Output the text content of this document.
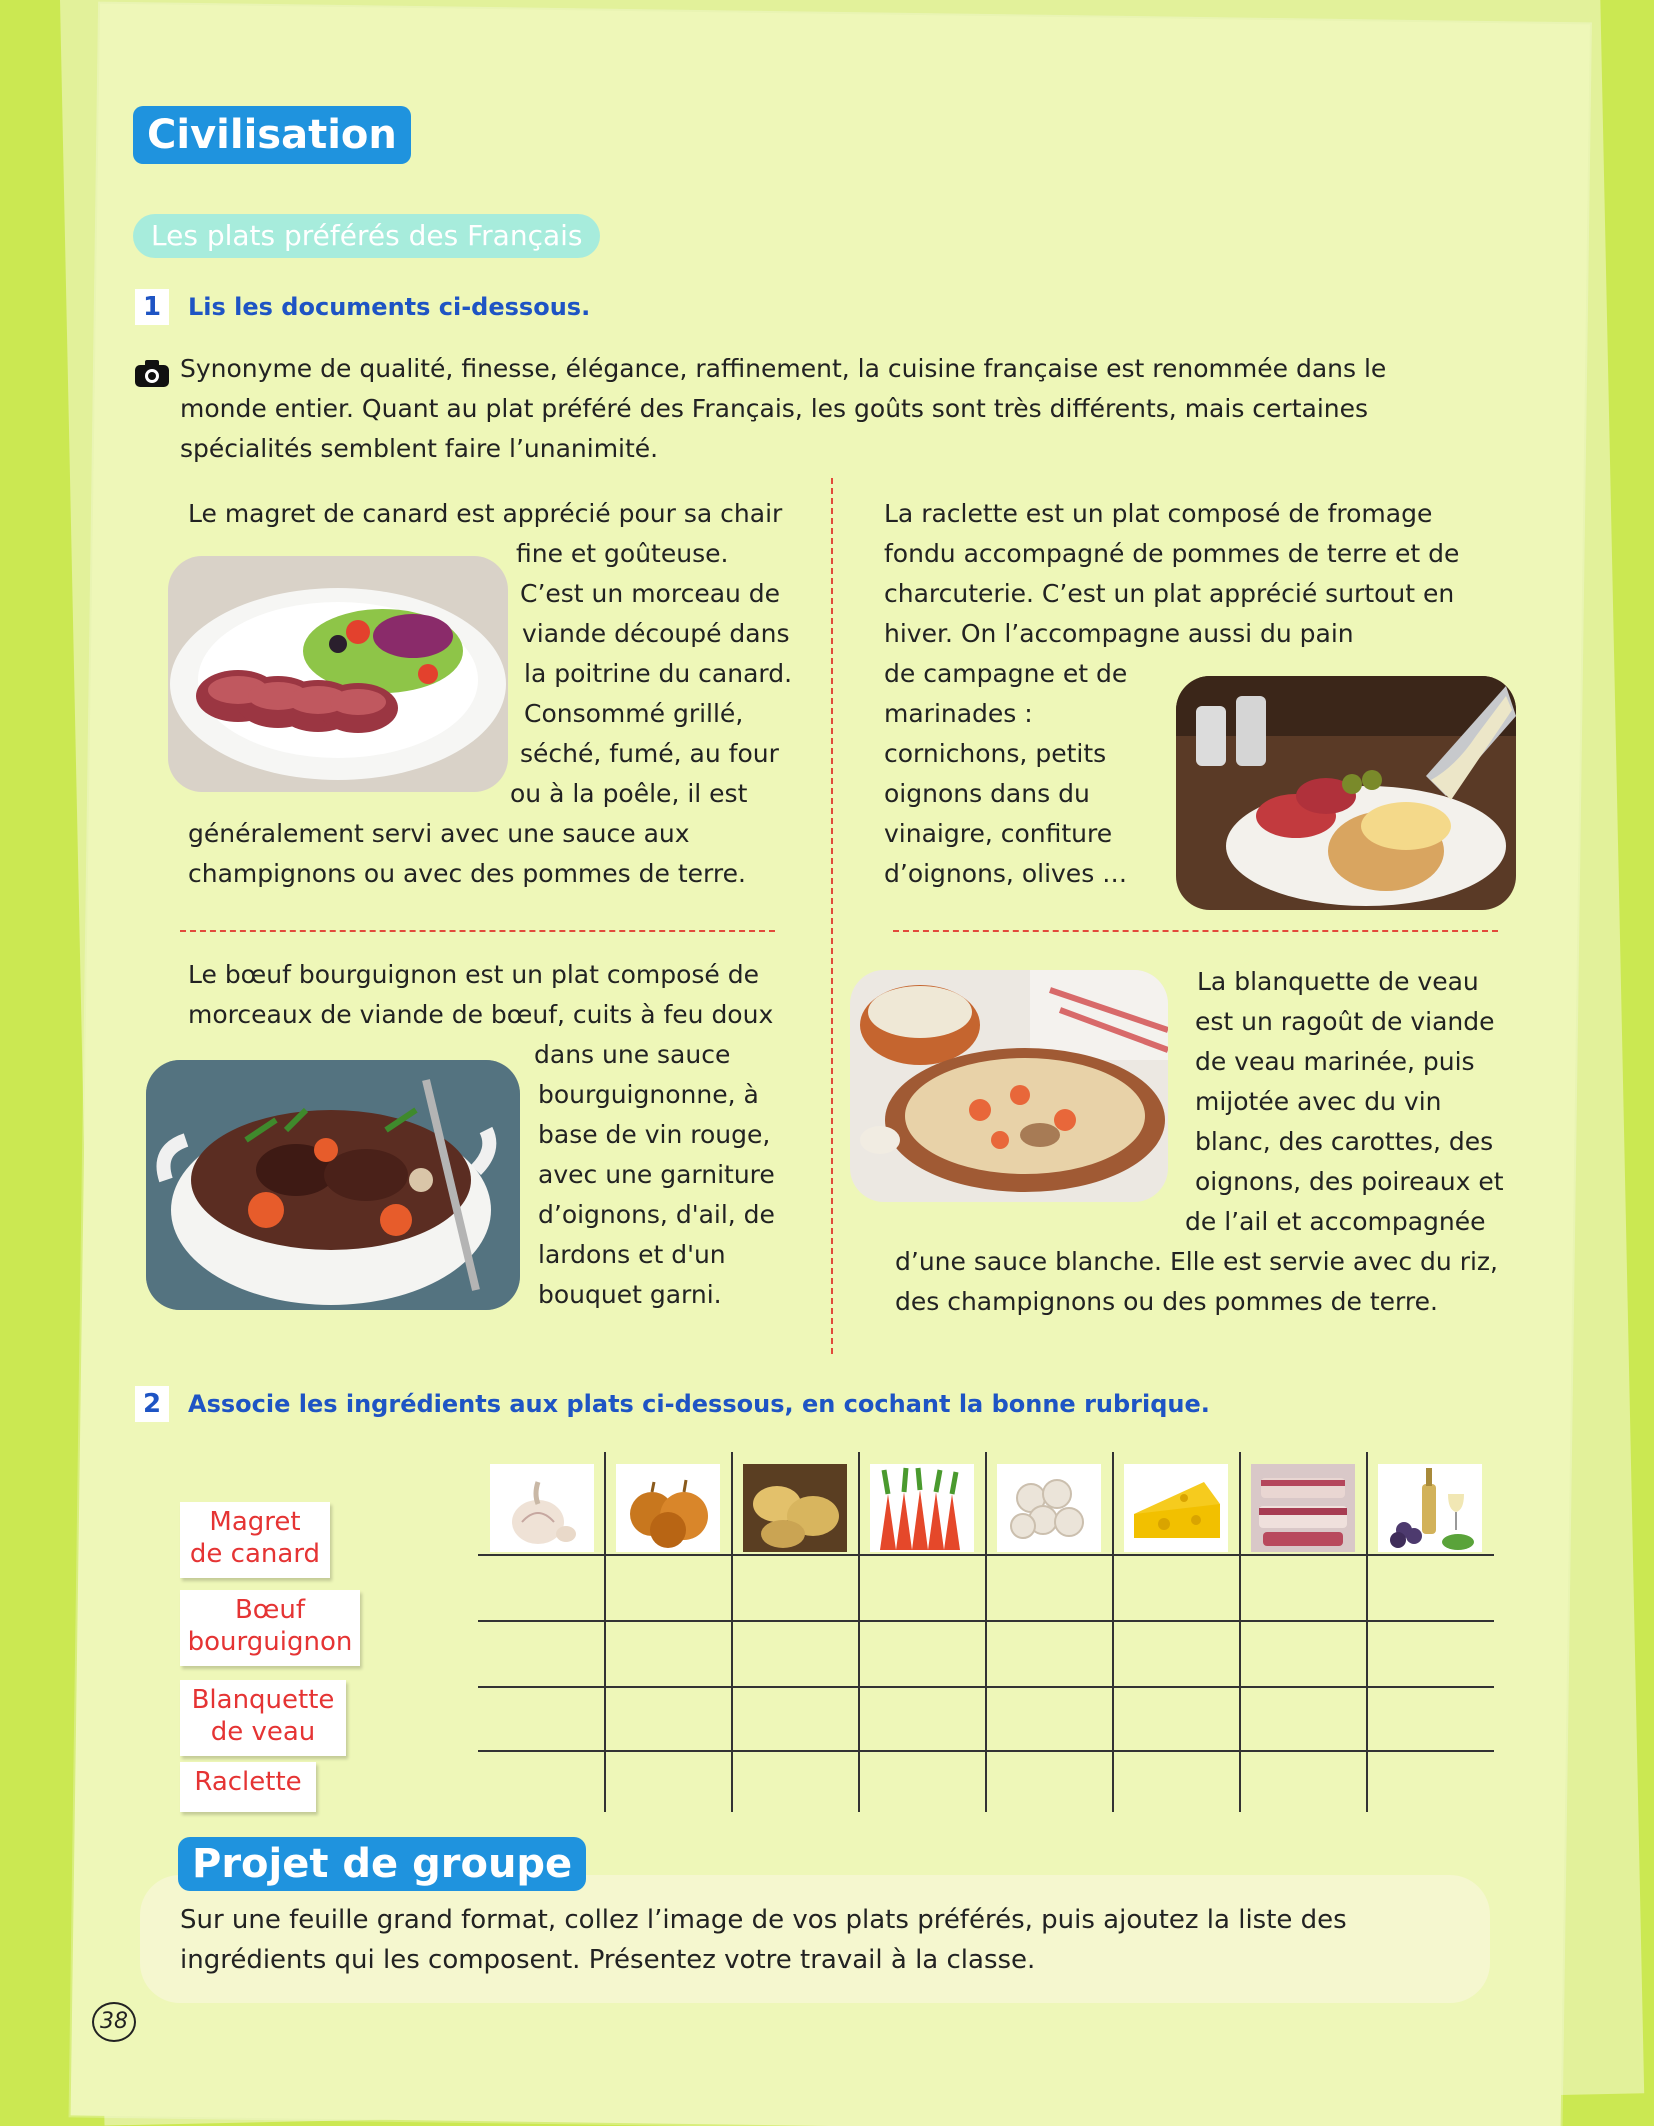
Civilisation
Les plats préférés des Français
1	Lis les documents ci-dessous.
Synonyme de qualité, finesse, élégance, raffinement, la cuisine française est renommée dans le monde entier. Quant au plat préféré des Français, les goûts sont très différents, mais certaines spécialités semblent faire l’unanimité.
Le magret de canard est apprécié pour sa chair
fine et goûteuse.
C’est un morceau de
viande découpé dans
la poitrine du canard.
Consommé grillé,
séché, fumé, au four
ou à la poêle, il est
généralement servi avec une sauce aux
champignons ou avec des pommes de terre.
La raclette est un plat composé de fromage
fondu accompagné de pommes de terre et de
charcuterie. C’est un plat apprécié surtout en
hiver. On l’accompagne aussi du pain
de campagne et de
marinades :
cornichons, petits
oignons dans du
vinaigre, confiture
d’oignons, olives …
Le bœuf bourguignon est un plat composé de
morceaux de viande de bœuf, cuits à feu doux
dans une sauce
bourguignonne, à
base de vin rouge,
avec une garniture
d’oignons, d'ail, de
lardons et d'un
bouquet garni.
La blanquette de veau
est un ragoût de viande
de veau marinée, puis
mijotée avec du vin
blanc, des carottes, des
oignons, des poireaux et
de l’ail et accompagnée
d’une sauce blanche. Elle est servie avec du riz,
des champignons ou des pommes de terre.
2	Associe les ingrédients aux plats ci-dessous, en cochant la bonne rubrique.
Magret
de canard
Bœuf
bourguignon
Blanquette
de veau
Raclette
Projet de groupe
Sur une feuille grand format, collez l’image de vos plats préférés, puis ajoutez la liste des ingrédients qui les composent. Présentez votre travail à la classe.
38
